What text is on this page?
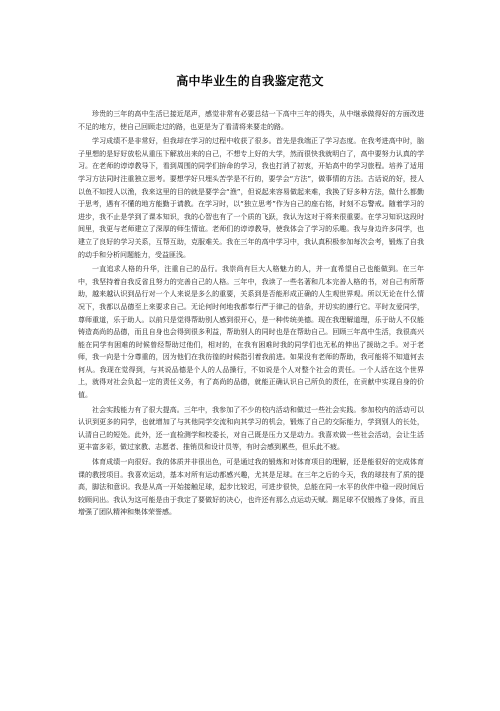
高中毕业生的自我鉴定范文

珍贵的三年的高中生活已接近尾声，感觉非常有必要总结一下高中三年的得失，从中继承做得好的方面改进不足的地方，使自己回顾走过的路，也更是为了看清将来要走的路。

学习成绩不是非常好，但我却在学习的过程中收获了很多。首先是我端正了学习态度。在我考进高中时，脑子里想的是好好放松从重压下解放出来的自己，不想专上好的大学，然而很快我就明白了，高中要努力认真的学习。在老师的谆谆教导下，看到周围的同学们拚命的学习，我也打消了初衷，开始高中的学习旅程。培养了适用学习方法同时注重独立思考。要想学好只埋头苦学是不行的，要学会“方法”，做事情的方法。古话说的好，授人以鱼不如授人以渔，我来这里的目的就是要学会“渔”，但说起来容易做起来难，我换了好多种方法，做什么都勤于思考，遇有不懂的地方能勤于请教。在学习时，以“独立思考”作为自己的座右铭，时刻不忘警戒。随着学习的进步，我不止是学到了课本知识，我的心智也有了一个质的飞跃，我认为这对于将来很重要。在学习知识这段时间里，我更与老师建立了深厚的师生情谊。老师们的谆谆教导，使我体会了学习的乐趣。我与身边许多同学，也建立了良好的学习关系，互帮互助，克服难关。我在三年的高中学习中，我认真积极参加每次会考，锻炼了自我的动手和分析问题能力，受益匪浅。

一直追求人格的升华，注重自己的品行。我崇尚有巨大人格魅力的人，并一直希望自己也能做到。在三年中，我坚持着自我反省且努力的完善自己的人格。三年中，我读了一些名著和几本完善人格的书，对自己有所帮助，越来越认识到品行对一个人来说是多么的重要，关系到是否能形成正确的人生观世界观。所以无论在什么情况下，我都以品德至上来要求自己。无论何时何地我都奉行严于律己的信条，并切实的遵行它。平时友爱同学，尊师重道，乐于助人。以前只是觉得帮助别人感到很开心，是一种传统美德。现在我理解道理，乐于助人不仅能铸造高尚的品德，而且自身也会得到很多利益，帮助别人的同时也是在帮助自己。回顾三年高中生活，我很高兴能在同学有困难的时候曾经帮助过他们，相对的，在我有困难时我的同学们也无私的伸出了援助之手。对于老师，我一向是十分尊重的，因为他们在我彷徨的时候指引着我前进。如果没有老师的帮助，我可能将不知道何去何从。我现在觉得到，与其说品德是个人的人品操行，不如说是个人对整个社会的责任。一个人活在这个世界上，就得对社会负起一定的责任义务，有了高尚的品德，就能正确认识自己所负的责任，在贡献中实现自身的价值。

社会实践能力有了很大提高。三年中，我参加了不少的校内活动和做过一些社会实践。参加校内的活动可以认识到更多的同学，也就增加了与其他同学交流和向其学习的机会，锻炼了自己的交际能力，学到别人的长处，认清自己的短处。此外，还一直检测学和校委长，对自己既是压力又是动力。我喜欢做一些社会活动，会让生活更丰富多彩，做过家教、志愿者、推销员和设计员等，有时会感到累些，但乐此不疲。

体育成绩一向很好。我的体质并非很出色，可是通过我的锻炼和对体育项目的理解，还是能很好的完成体育课的教授项目。我喜欢运动，基本对所有运动都感兴趣，尤其是足球。在三年之后的今天，我的球技有了质的提高，脚法和意识。我是从高一开始接触足球，起步比较迟，可进步很快，总能在同一水平的伙伴中稳一段时间后较顾问出。我认为这可能是由于我定了要做好的决心，也许还有那么点运动天赋。踢足球不仅锻炼了身体，而且增强了团队精神和集体荣誉感。
